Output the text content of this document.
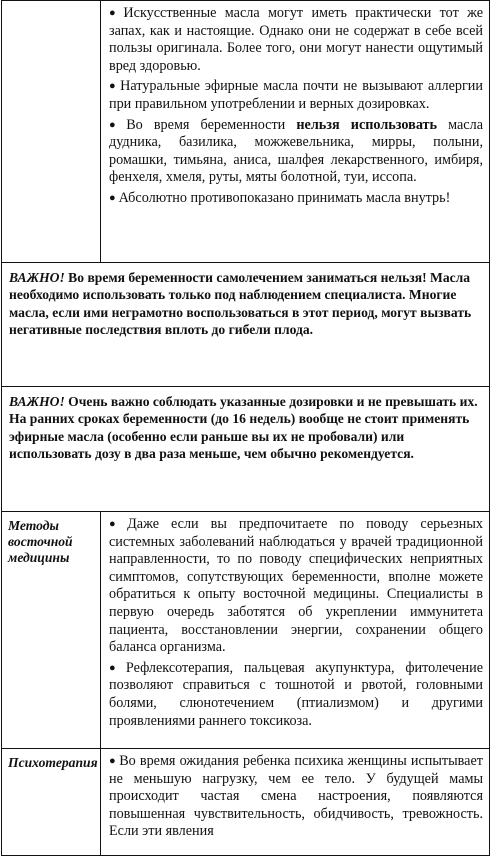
	● Искусственные масла могут иметь практически тот же запах, как и настоящие. Однако они не содержат в себе всей пользы оригинала. Более того, они могут нанести ощутимый вред здоровью.
● Натуральные эфирные масла почти не вызывают аллергии при правильном употреблении и верных дозировках.
● Во время беременности нельзя использовать масла дудника, базилика, можжевельника, мирры, полыни, ромашки, тимьяна, аниса, шалфея лекарственного, имбиря, фенхеля, хмеля, руты, мяты болотной, туи, иссопа.
● Абсолютно противопоказано принимать масла внутрь!

ВАЖНО! Во время беременности самолечением заниматься нельзя! Масла необходимо использовать только под наблюдением специалиста. Многие масла, если ими неграмотно воспользоваться в этот период, могут вызвать негативные последствия вплоть до гибели плода.	
ВАЖНО! Очень важно соблюдать указанные дозировки и не превышать их. На ранних сроках беременности (до 16 недель) вообще не стоит применять эфирные масла (особенно если раньше вы их не пробовали) или использовать дозу в два раза меньше, чем обычно рекомендуется.	

Методы восточной медицины	● Даже если вы предпочитаете по поводу серьезных системных заболеваний наблюдаться у врачей традиционной направленности, то по поводу специфических неприятных симптомов, сопутствующих беременности, вполне можете обратиться к опыту восточной медицины. Специалисты в первую очередь заботятся об укреплении иммунитета пациента, восстановлении энергии, сохранении общего баланса организма.
● Рефлексотерапия, пальцевая акупунктура, фитолечение позволяют справиться с тошнотой и рвотой, головными болями, слюнотечением (птиализмом) и другими проявлениями раннего токсикоза.

Психотерапия	● Во время ожидания ребенка психика женщины испытывает не меньшую нагрузку, чем ее тело. У будущей мамы происходит частая смена настроения, появляются повышенная чувствительность, обидчивость, тревожность. Если эти явления
